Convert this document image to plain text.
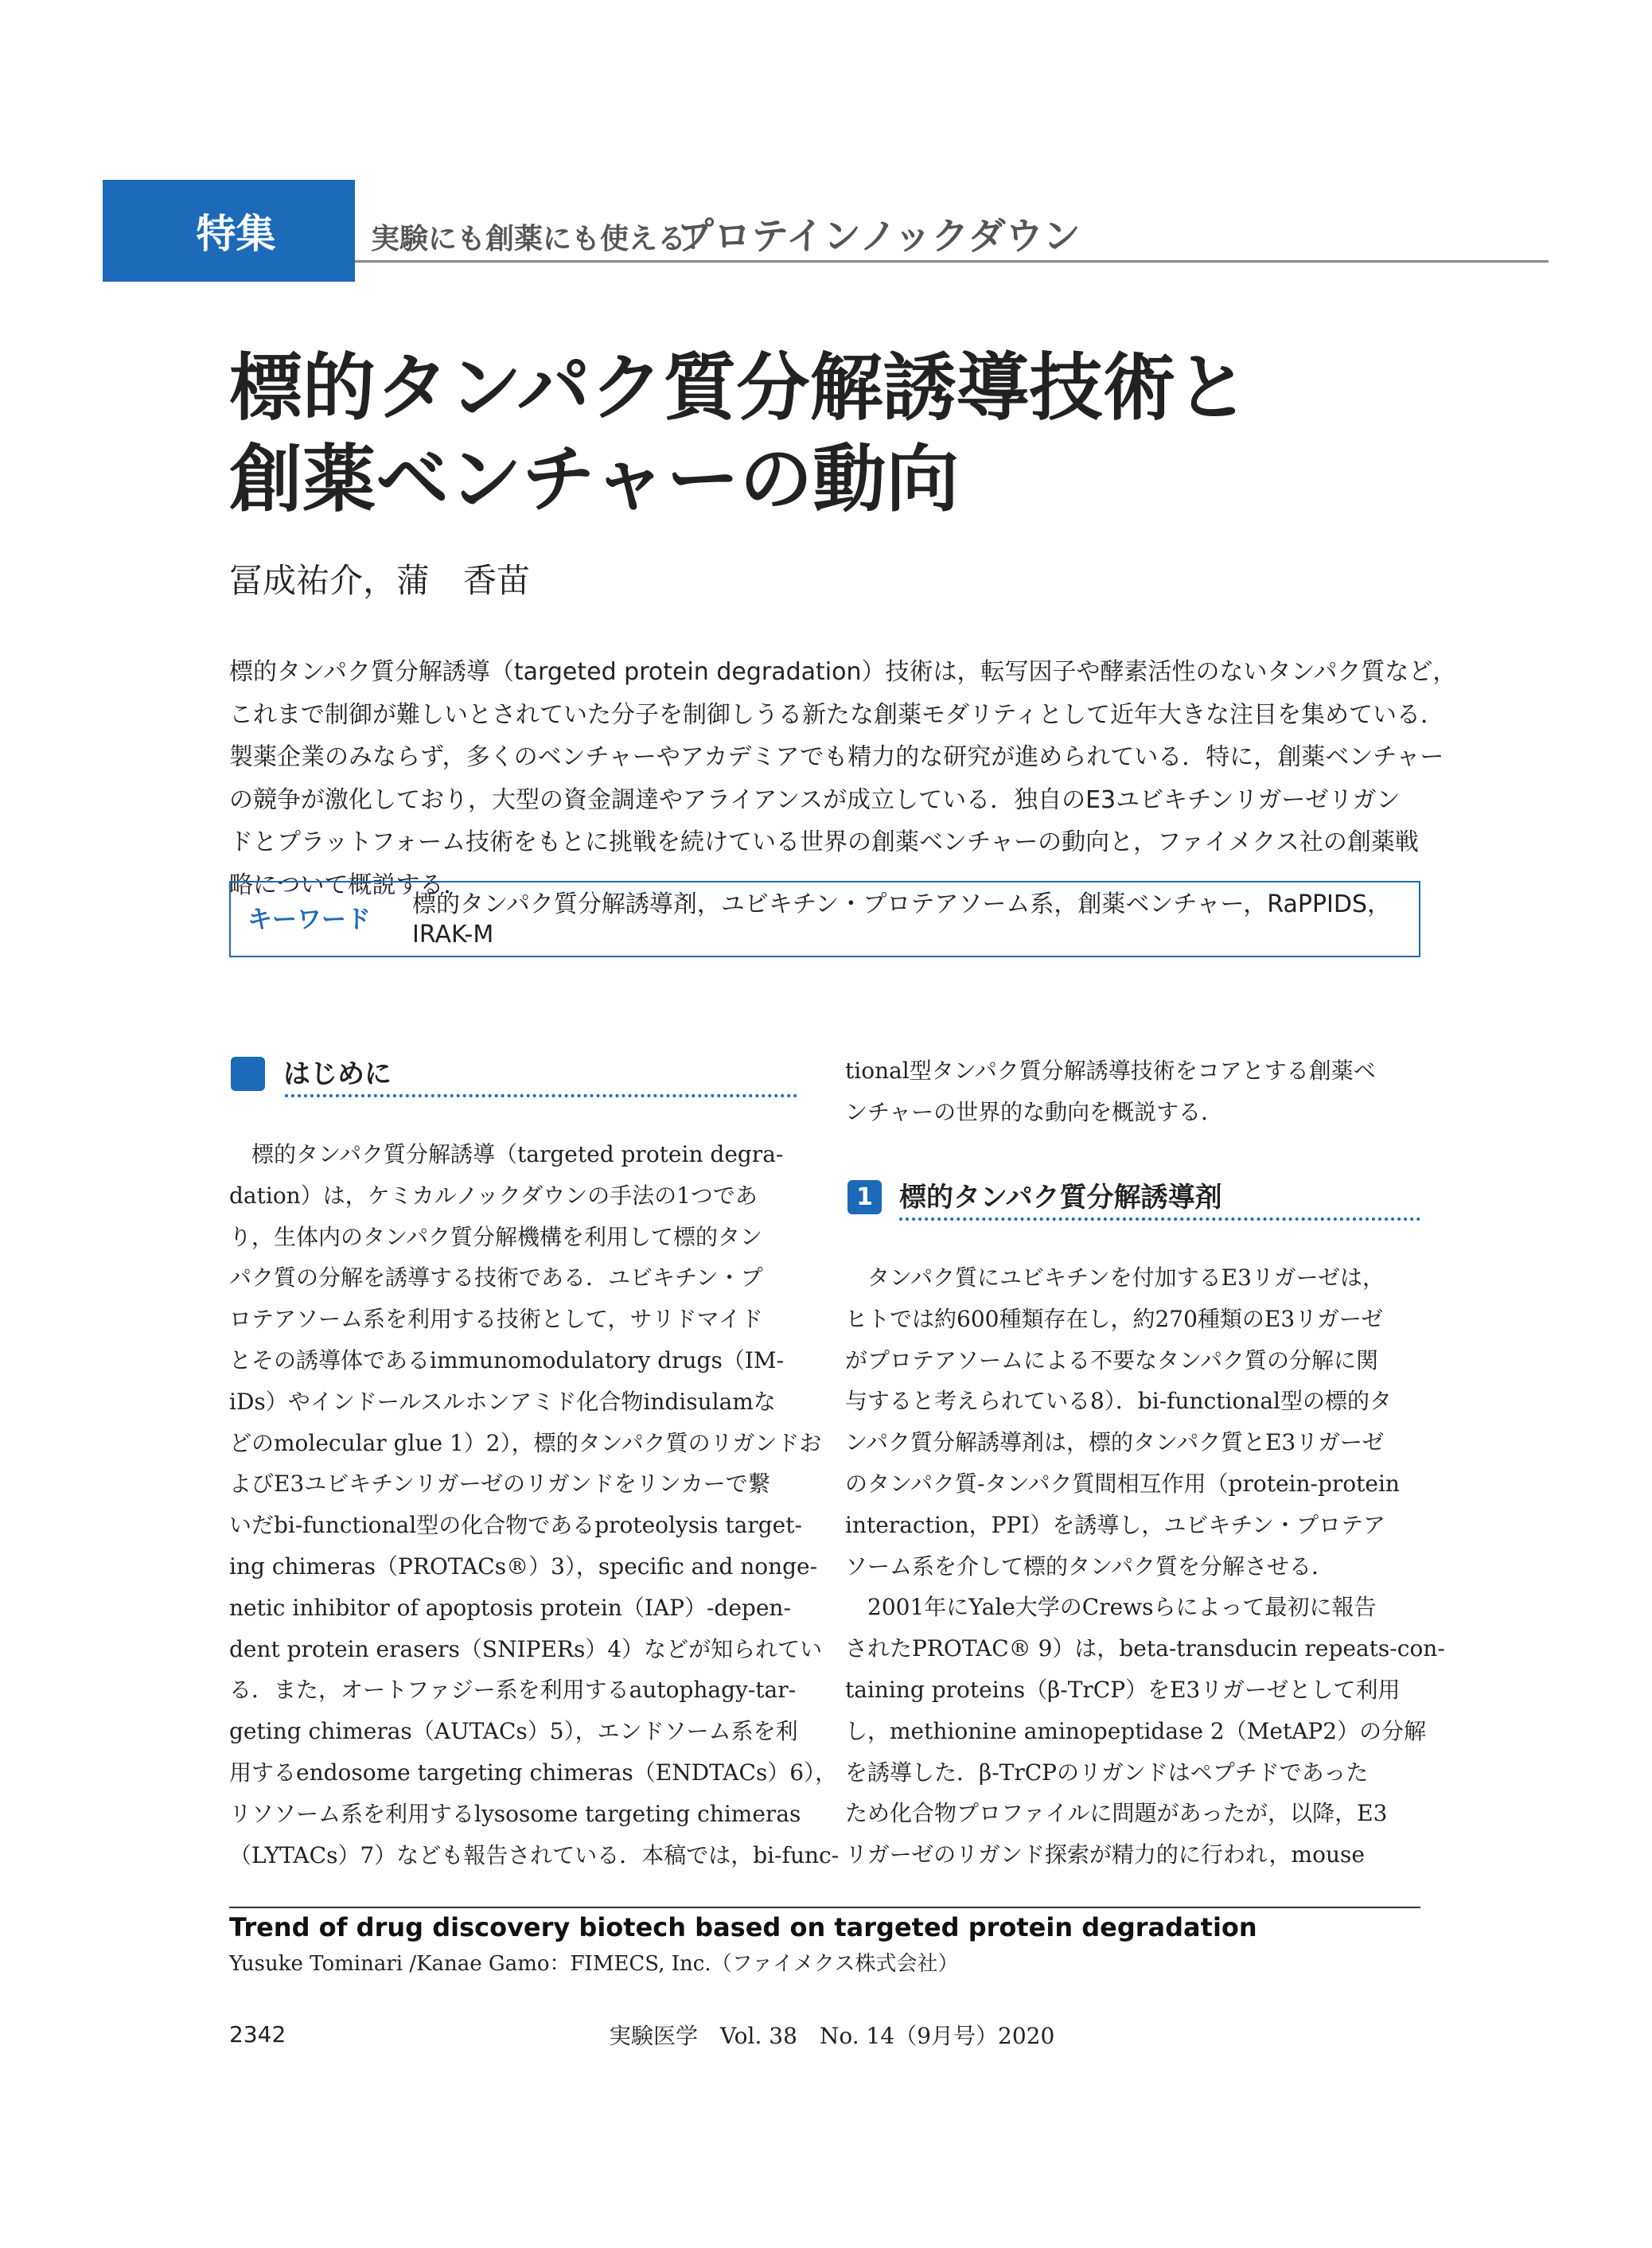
特集	実験にも創薬にも使える！
プロテインノックダウン
標的タンパク質分解誘導技術と
創薬ベンチャーの動向
冨成祐介，蒲　香苗
標的タンパク質分解誘導（targeted protein degradation）技術は，転写因子や酵素活性のないタンパク質など，
これまで制御が難しいとされていた分子を制御しうる新たな創薬モダリティとして近年大きな注目を集めている．
製薬企業のみならず，多くのベンチャーやアカデミアでも精力的な研究が進められている．特に，創薬ベンチャー
の競争が激化しており，大型の資金調達やアライアンスが成立している．独自のE3ユビキチンリガーゼリガン
ドとプラットフォーム技術をもとに挑戦を続けている世界の創薬ベンチャーの動向と，ファイメクス社の創薬戦
略について概説する．
キーワード
標的タンパク質分解誘導剤，ユビキチン・プロテアソーム系，創薬ベンチャー，RaPPIDS，
IRAK-M
はじめに
　標的タンパク質分解誘導（targeted protein degra-
dation）は，ケミカルノックダウンの手法の1つであ
り，生体内のタンパク質分解機構を利用して標的タン
パク質の分解を誘導する技術である．ユビキチン・プ
ロテアソーム系を利用する技術として，サリドマイド
とその誘導体であるimmunomodulatory drugs（IM-
iDs）やインドールスルホンアミド化合物indisulamな
どのmolecular glue 1）2），標的タンパク質のリガンドお
よびE3ユビキチンリガーゼのリガンドをリンカーで繋
いだbi-functional型の化合物であるproteolysis target-
ing chimeras（PROTACs®）3），specific and nonge-
netic inhibitor of apoptosis protein（IAP）-depen-
dent protein erasers（SNIPERs）4）などが知られてい
る．また，オートファジー系を利用するautophagy-tar-
geting chimeras（AUTACs）5），エンドソーム系を利
用するendosome targeting chimeras（ENDTACs）6），
リソソーム系を利用するlysosome targeting chimeras
（LYTACs）7）なども報告されている．本稿では，bi-func-
tional型タンパク質分解誘導技術をコアとする創薬ベ
ンチャーの世界的な動向を概説する．
1 標的タンパク質分解誘導剤
　タンパク質にユビキチンを付加するE3リガーゼは，
ヒトでは約600種類存在し，約270種類のE3リガーゼ
がプロテアソームによる不要なタンパク質の分解に関
与すると考えられている8）．bi-functional型の標的タ
ンパク質分解誘導剤は，標的タンパク質とE3リガーゼ
のタンパク質-タンパク質間相互作用（protein-protein
interaction，PPI）を誘導し，ユビキチン・プロテア
ソーム系を介して標的タンパク質を分解させる．
　2001年にYale大学のCrewsらによって最初に報告
されたPROTAC® 9）は，beta-transducin repeats-con-
taining proteins（β-TrCP）をE3リガーゼとして利用
し，methionine aminopeptidase 2（MetAP2）の分解
を誘導した．β-TrCPのリガンドはペプチドであった
ため化合物プロファイルに問題があったが，以降，E3
リガーゼのリガンド探索が精力的に行われ，mouse
Trend of drug discovery biotech based on targeted protein degradation
Yusuke Tominari /Kanae Gamo：FIMECS, Inc.（ファイメクス株式会社）
2342	実験医学　Vol. 38　No. 14（9月号）2020
